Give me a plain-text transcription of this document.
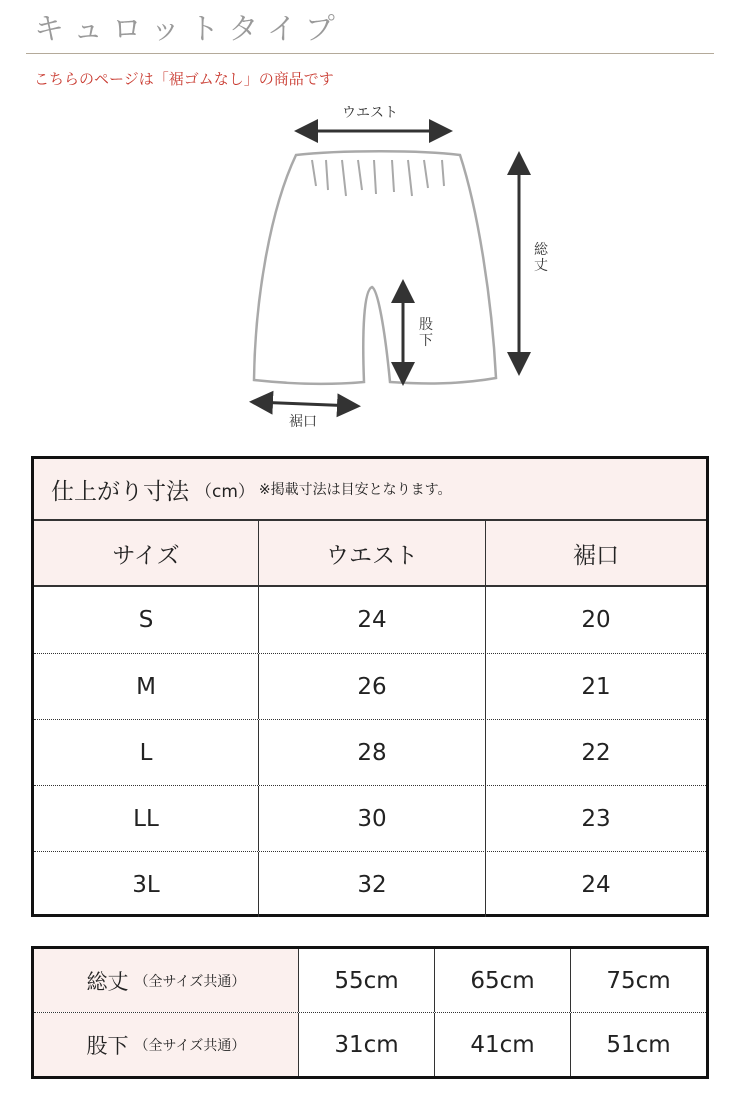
キュロットタイプ
こちらのページは「裾ゴムなし」の商品です
ウエスト
総丈
股下
裾口
仕上がり寸法 （cm） ※掲載寸法は目安となります。
サイズ	ウエスト	裾口
S	24	20
M	26	21
L	28	22
LL	30	23
3L	32	24
総丈 （全サイズ共通）	55cm	65cm	75cm
股下 （全サイズ共通）	31cm	41cm	51cm
